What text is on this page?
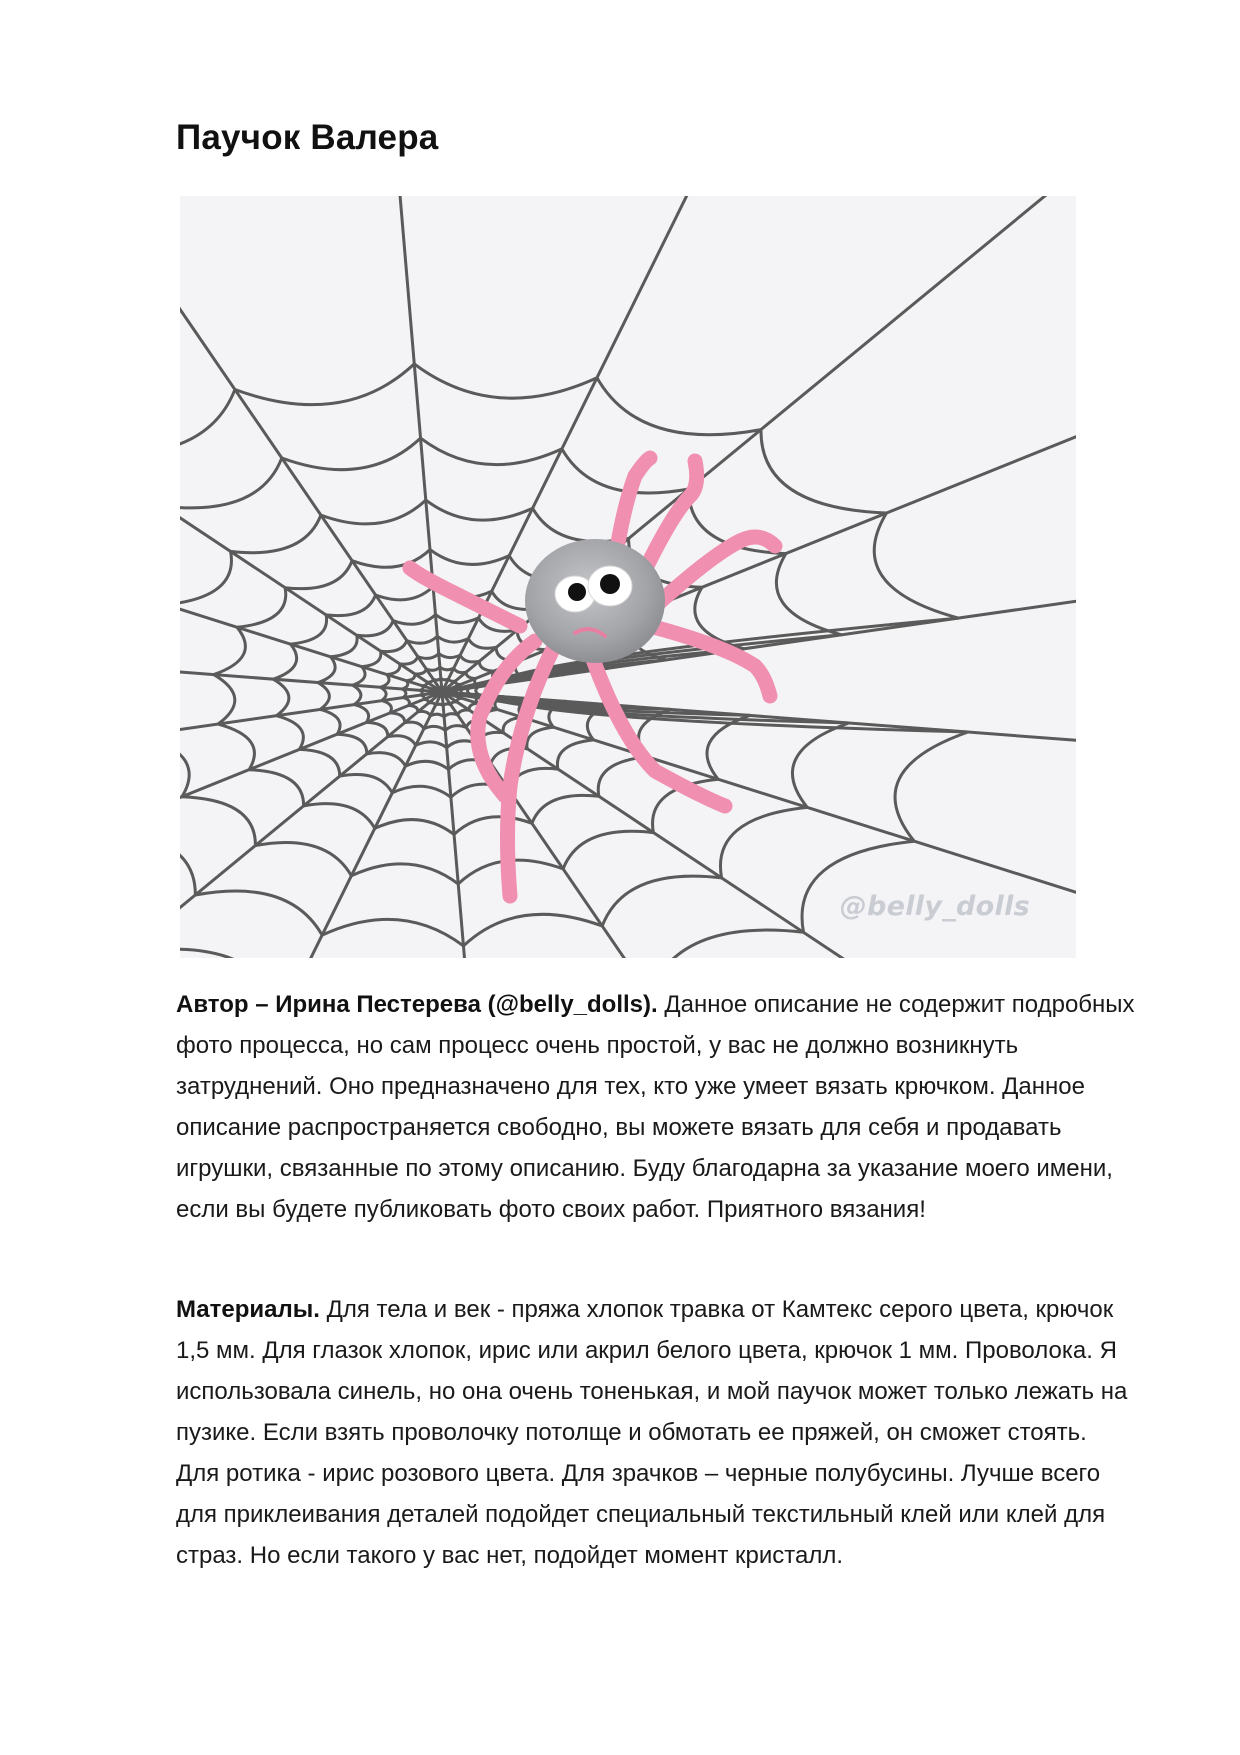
Паучок Валера
@belly_dolls

Автор – Ирина Пестерева (@belly_dolls). Данное описание не содержит подробных фото процесса, но сам процесс очень простой, у вас не должно возникнуть затруднений. Оно предназначено для тех, кто уже умеет вязать крючком. Данное описание распространяется свободно, вы можете вязать для себя и продавать игрушки, связанные по этому описанию. Буду благодарна за указание моего имени, если вы будете публиковать фото своих работ. Приятного вязания!

Материалы. Для тела и век - пряжа хлопок травка от Камтекс серого цвета, крючок 1,5 мм. Для глазок хлопок, ирис или акрил белого цвета, крючок 1 мм. Проволока. Я использовала синель, но она очень тоненькая, и мой паучок может только лежать на пузике. Если взять проволочку потолще и обмотать ее пряжей, он сможет стоять. Для ротика - ирис розового цвета. Для зрачков – черные полубусины. Лучше всего для приклеивания деталей подойдет специальный текстильный клей или клей для страз. Но если такого у вас нет, подойдет момент кристалл.
